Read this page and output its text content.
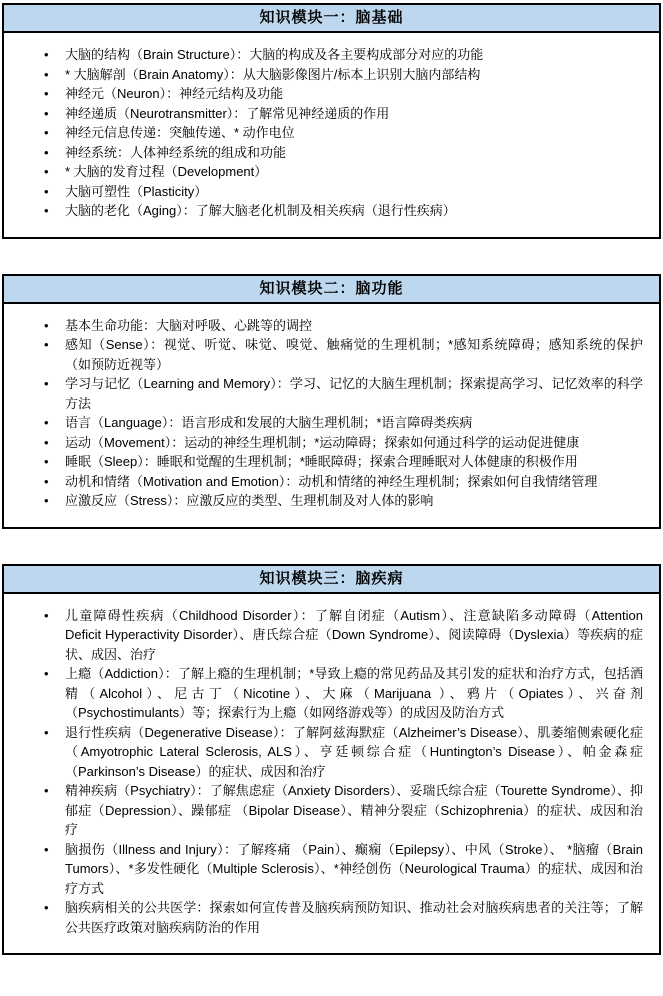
知识模块一：脑基础
• 大脑的结构（Brain Structure）：大脑的构成及各主要构成部分对应的功能
• * 大脑解剖（Brain Anatomy）：从大脑影像图片/标本上识别大脑内部结构
• 神经元（Neuron）：神经元结构及功能
• 神经递质（Neurotransmitter）：了解常见神经递质的作用
• 神经元信息传递：突触传递、* 动作电位
• 神经系统：人体神经系统的组成和功能
• * 大脑的发育过程（Development）
• 大脑可塑性（Plasticity）
• 大脑的老化（Aging）：了解大脑老化机制及相关疾病（退行性疾病）
知识模块二：脑功能
• 基本生命功能：大脑对呼吸、心跳等的调控
• 感知（Sense）：视觉、听觉、味觉、嗅觉、触痛觉的生理机制；*感知系统障碍；感知系统的保护（如预防近视等）
• 学习与记忆（Learning and Memory）：学习、记忆的大脑生理机制；探索提高学习、记忆效率的科学方法
• 语言（Language）：语言形成和发展的大脑生理机制；*语言障碍类疾病
• 运动（Movement）：运动的神经生理机制；*运动障碍；探索如何通过科学的运动促进健康
• 睡眠（Sleep）：睡眠和觉醒的生理机制；*睡眠障碍；探索合理睡眠对人体健康的积极作用
• 动机和情绪（Motivation and Emotion）：动机和情绪的神经生理机制；探索如何自我情绪管理
• 应激反应（Stress）：应激反应的类型、生理机制及对人体的影响
知识模块三：脑疾病
• 儿童障碍性疾病（Childhood Disorder）：了解自闭症（Autism）、注意缺陷多动障碍（Attention Deficit Hyperactivity Disorder）、唐氏综合症（Down Syndrome）、阅读障碍（Dyslexia）等疾病的症状、成因、治疗
• 上瘾（Addiction）：了解上瘾的生理机制；*导致上瘾的常见药品及其引发的症状和治疗方式，包括酒精（Alcohol）、尼古丁（Nicotine）、大麻（Marijuana ）、鸦片（Opiates）、兴奋剂（Psychostimulants）等；探索行为上瘾（如网络游戏等）的成因及防治方式
• 退行性疾病（Degenerative Disease）：了解阿兹海默症（Alzheimer’s Disease）、肌萎缩侧索硬化症（Amyotrophic Lateral Sclerosis, ALS）、亨廷顿综合症（Huntington’s Disease）、帕金森症（Parkinson’s Disease）的症状、成因和治疗
• 精神疾病（Psychiatry）：了解焦虑症（Anxiety Disorders）、妥瑞氏综合症（Tourette Syndrome）、抑郁症（Depression）、躁郁症 （Bipolar Disease）、精神分裂症（Schizophrenia）的症状、成因和治疗
• 脑损伤（Illness and Injury）：了解疼痛 （Pain）、癫痫（Epilepsy）、中风（Stroke）、 *脑瘤（Brain Tumors）、*多发性硬化（Multiple Sclerosis）、*神经创伤（Neurological Trauma）的症状、成因和治疗方式
• 脑疾病相关的公共医学：探索如何宣传普及脑疾病预防知识、推动社会对脑疾病患者的关注等；了解公共医疗政策对脑疾病防治的作用
